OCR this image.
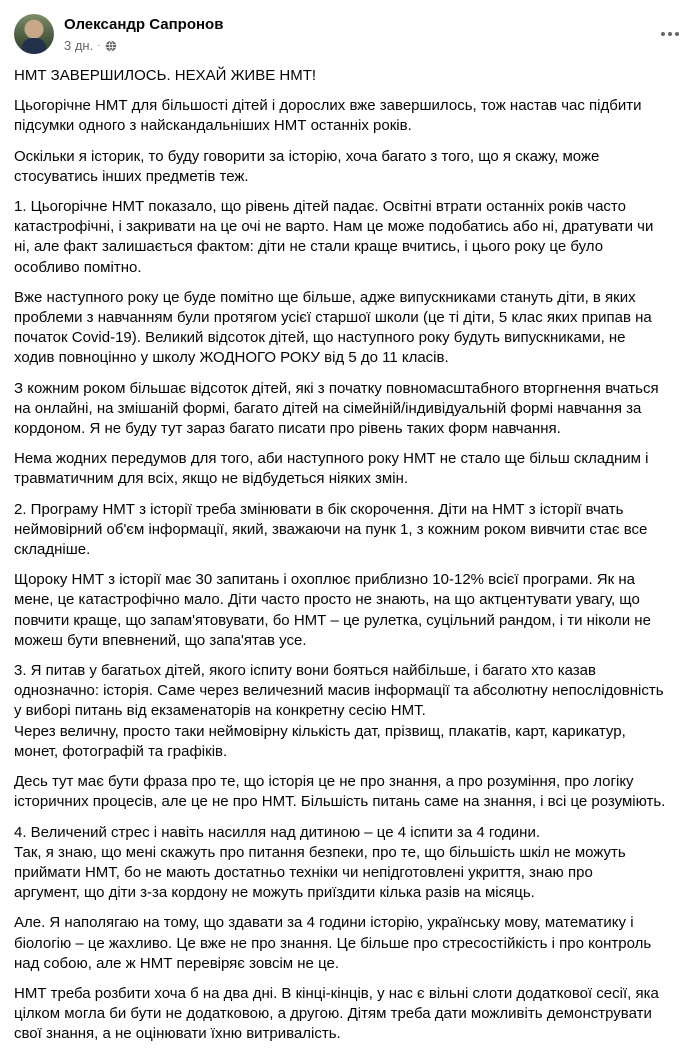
Олександр Сапронов
3 дн. ·

НМТ ЗАВЕРШИЛОСЬ. НЕХАЙ ЖИВЕ НМТ!

Цьогорічне НМТ для більшості дітей і дорослих вже завершилось, тож настав час підбити
підсумки одного з найскандальніших НМТ останніх років.

Оскільки я історик, то буду говорити за історію, хоча багато з того, що я скажу, може
стосуватись інших предметів теж.

1. Цьогорічне НМТ показало, що рівень дітей падає. Освітні втрати останніх років часто
катастрофічні, і закривати на це очі не варто. Нам це може подобатись або ні, дратувати чи
ні, але факт залишається фактом: діти не стали краще вчитись, і цього року це було
особливо помітно.

Вже наступного року це буде помітно ще більше, адже випускниками стануть діти, в яких
проблеми з навчанням були протягом усієї старшої школи (це ті діти, 5 клас яких припав на
початок Covid-19). Великий відсоток дітей, що наступного року будуть випускниками, не
ходив повноцінно у школу ЖОДНОГО РОКУ від 5 до 11 класів.

З кожним роком більшає відсоток дітей, які з початку повномасштабного вторгнення вчаться
на онлайні, на змішаній формі, багато дітей на сімейній/індивідуальній формі навчання за
кордоном. Я не буду тут зараз багато писати про рівень таких форм навчання.

Нема жодних передумов для того, аби наступного року НМТ не стало ще більш складним і
травматичним для всіх, якщо не відбудеться ніяких змін.

2. Програму НМТ з історії треба змінювати в бік скорочення. Діти на НМТ з історії вчать
неймовірний об'єм інформації, який, зважаючи на пунк 1, з кожним роком вивчити стає все
складніше.

Щороку НМТ з історії має 30 запитань і охоплює приблизно 10-12% всієї програми. Як на
мене, це катастрофічно мало. Діти часто просто не знають, на що актцентувати увагу, що
повчити краще, що запам'ятовувати, бо НМТ – це рулетка, суцільний рандом, і ти ніколи не
можеш бути впевнений, що запа'ятав усе.

3. Я питав у багатьох дітей, якого іспиту вони бояться найбільше, і багато хто казав
однозначно: історія. Саме через величезний масив інформації та абсолютну непослідовність
у виборі питань від екзаменаторів на конкретну сесію НМТ.

Через величну, просто таки неймовірну кількість дат, прізвищ, плакатів, карт, карикатур,
монет, фотографій та графіків.

Десь тут має бути фраза про те, що історія це не про знання, а про розуміння, про логіку
історичних процесів, але це не про НМТ. Більшість питань саме на знання, і всі це розуміють.

4. Величений стрес і навіть насилля над дитиною – це 4 іспити за 4 години.

Так, я знаю, що мені скажуть про питання безпеки, про те, що більшість шкіл не можуть
приймати НМТ, бо не мають достатньо техніки чи непідготовлені укриття, знаю про
аргумент, що діти з-за кордону не можуть приїздити кілька разів на місяць.

Але. Я наполягаю на тому, що здавати за 4 години історію, українську мову, математику і
біологію – це жахливо. Це вже не про знання. Це більше про стресостійкість і про контроль
над собою, але ж НМТ перевіряє зовсім не це.

НМТ треба розбити хоча б на два дні. В кінці-кінців, у нас є вільні слоти додаткової сесії, яка
цілком могла би бути не додатковою, а другою. Дітям треба дати можливіть демонструвати
свої знання, а не оцінювати їхню витривалість.
